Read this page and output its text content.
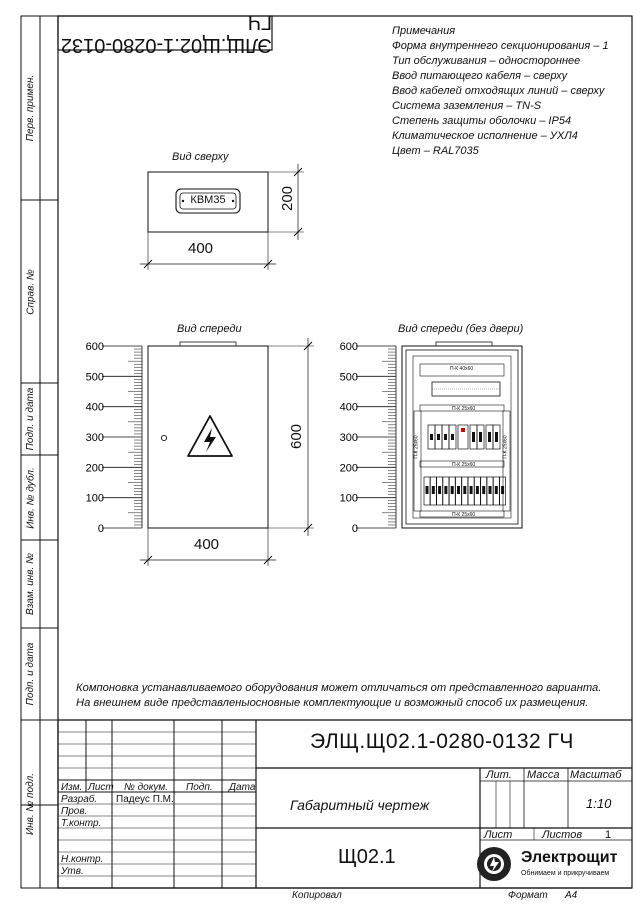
600
500
400
300
200
100
0
600
500
400
300
200
100
0
ЭЛЩ.Щ02.1-0280-0132 ГЧ
Перв. примен.
Справ. №
Подп. и дата
Инв. № дубл.
Взам. инв. №
Подп. и дата
Инв. № подл.
Примечания
Форма внутреннего секционирования – 1
Тип обслуживания – одностороннее
Ввод питающего кабеля – сверху
Ввод кабелей отходящих линий – сверху
Система заземления – TN-S
Степень защиты оболочки – IP54
Климатическое исполнение – УХЛ4
Цвет – RAL7035
Вид сверху
КВМ35
400
200
Вид спереди
400
600
Вид спереди (без двери)
П-К 40х60
П-К 25х60
П-К 25х60
П-К 25х60
П-К 25х60	П-К 25х60
Компоновка устанавливаемого оборудования может отличаться от представленного варианта.
На внешнем виде представленыосновные комплектующие и возможный способ их размещения.
ЭЛЩ.Щ02.1-0280-0132 ГЧ
Изм. Лист № докум. Подп. Дата
Разраб. Падеус П.М.
Пров.
Т.контр.
Н.контр.
Утв.
Габаритный чертеж
Щ02.1
Лит. Масса Масштаб
1:10
Лист	Листов 1
Электрощит
Обнимаем и прикручиваем
Копировал	Формат А4
